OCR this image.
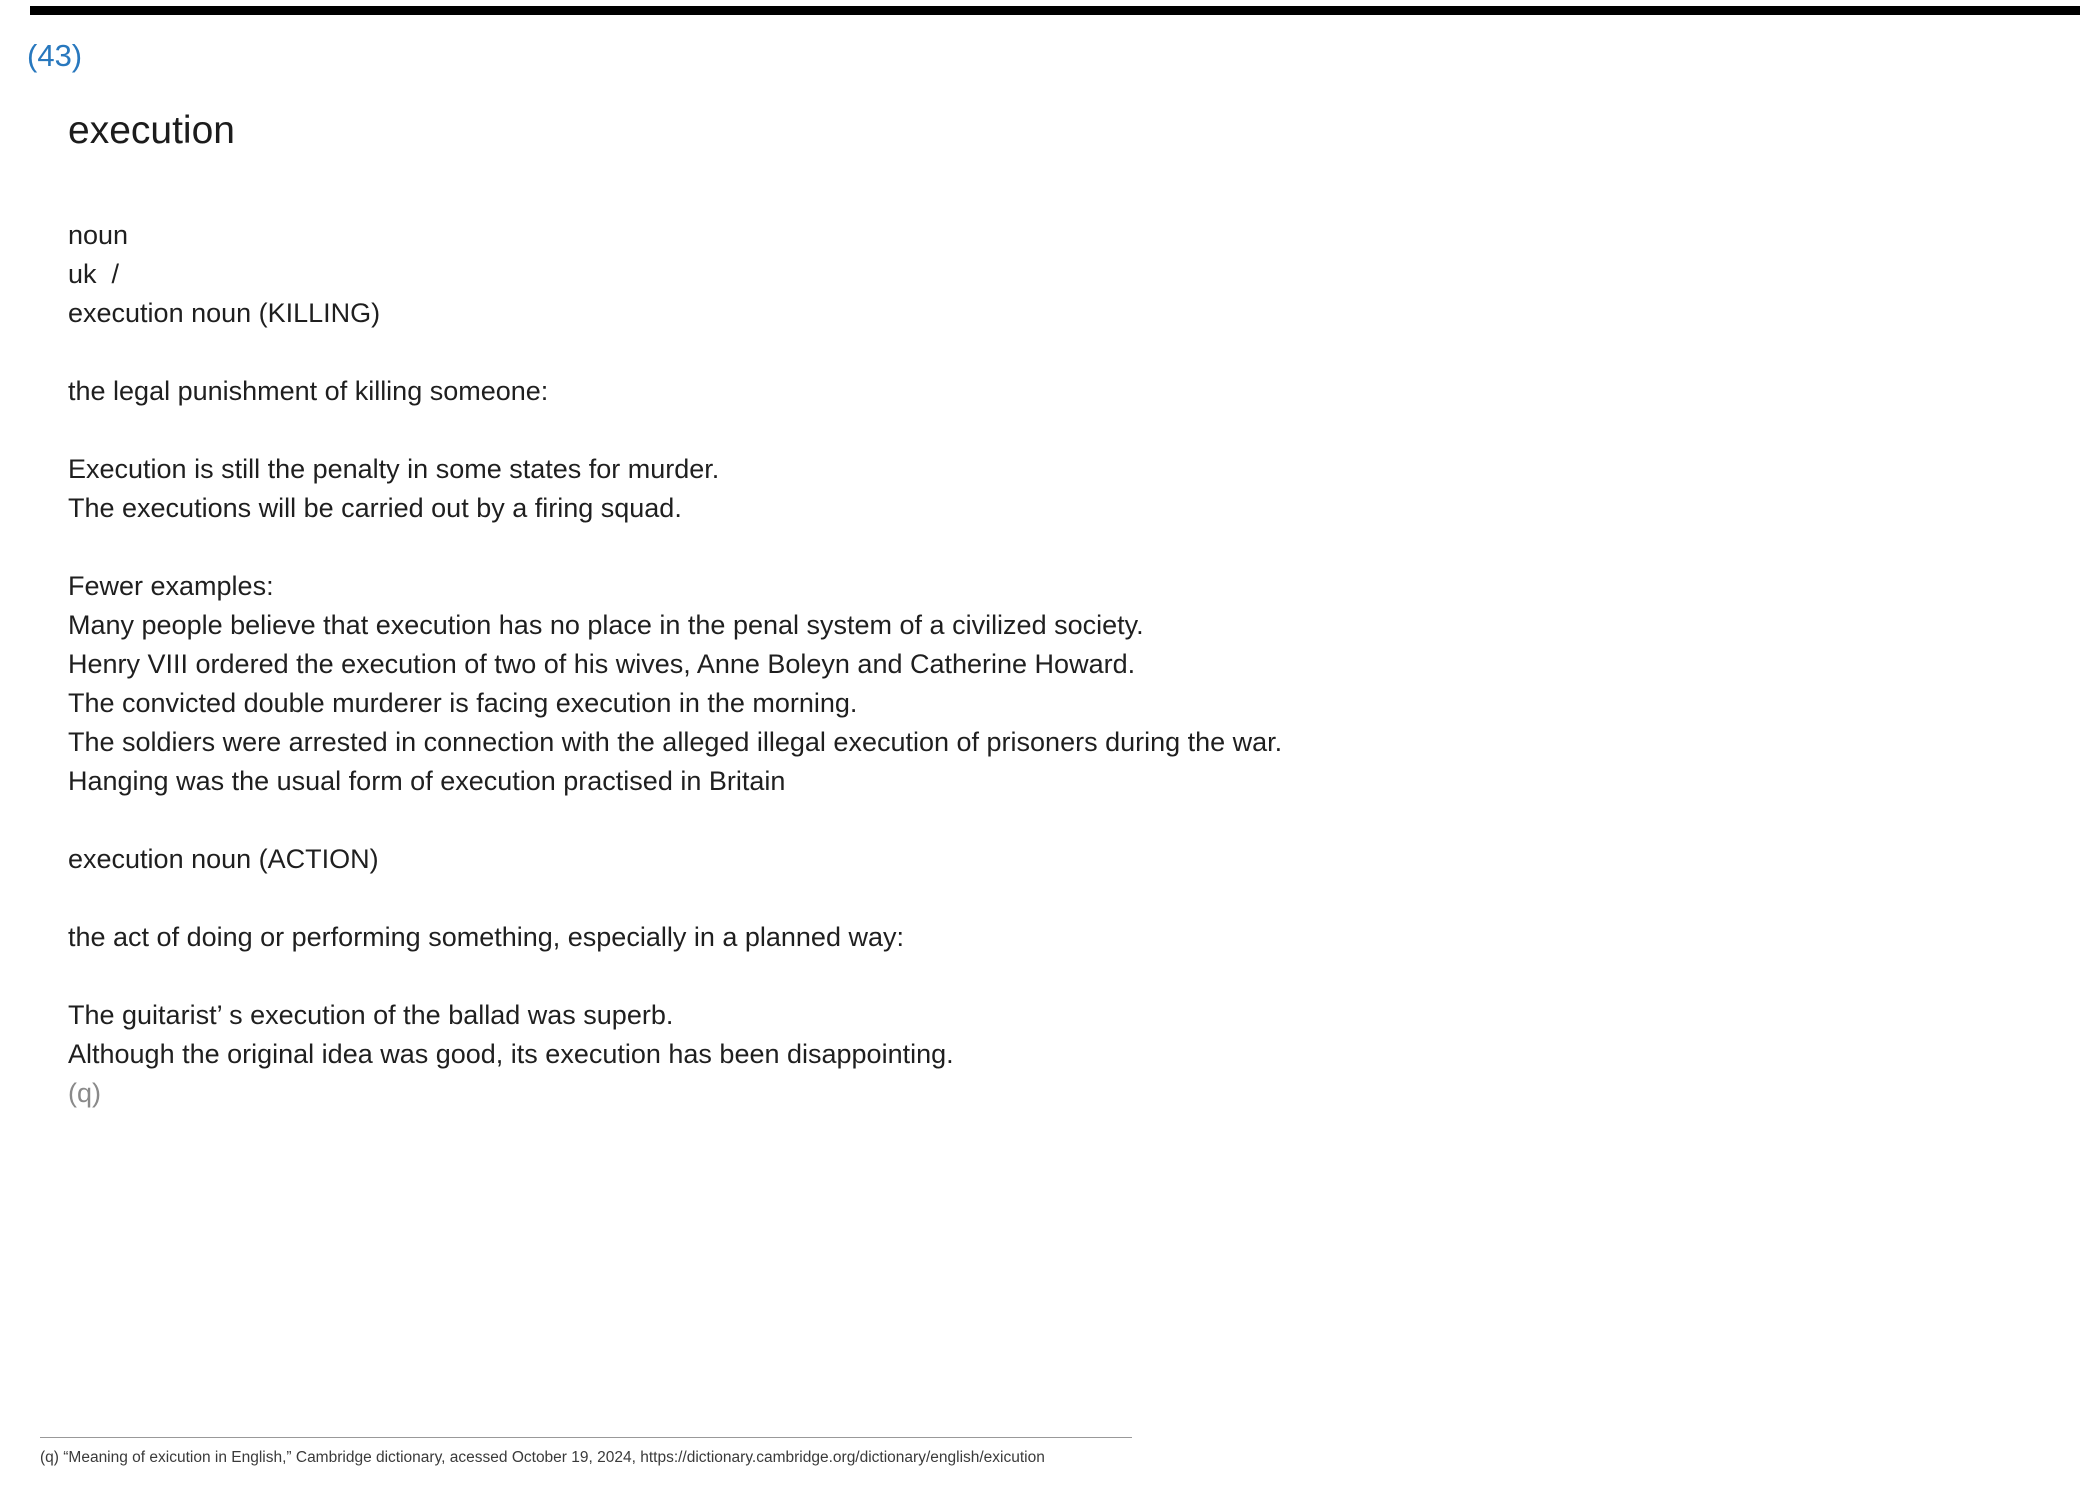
(43)
execution
noun
uk  /
execution noun (KILLING)
the legal punishment of killing someone:
Execution is still the penalty in some states for murder.
The executions will be carried out by a firing squad.
Fewer examples:
Many people believe that execution has no place in the penal system of a civilized society.
Henry VIII ordered the execution of two of his wives, Anne Boleyn and Catherine Howard.
The convicted double murderer is facing execution in the morning.
The soldiers were arrested in connection with the alleged illegal execution of prisoners during the war.
Hanging was the usual form of execution practised in Britain
execution noun (ACTION)
the act of doing or performing something, especially in a planned way:
The guitarist’ s execution of the ballad was superb.
Although the original idea was good, its execution has been disappointing.
(q)
(q) “Meaning of exicution in English,” Cambridge dictionary, acessed October 19, 2024, https://dictionary.cambridge.org/dictionary/english/exicution
